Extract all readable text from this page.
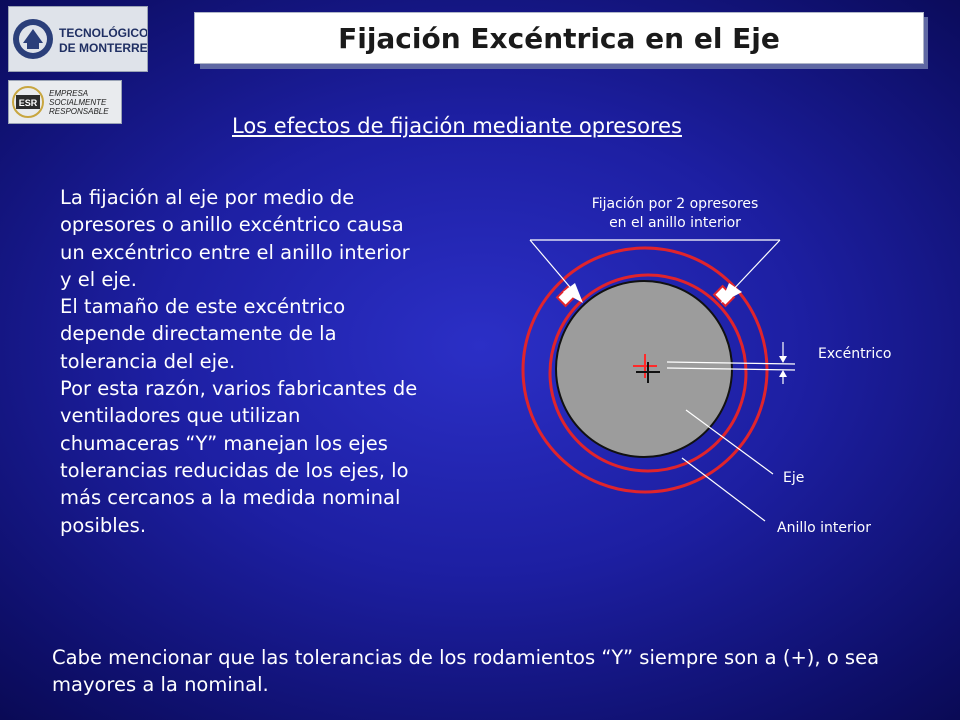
TECNOLÓGICO
DE MONTERREY
ESR
EMPRESA
SOCIALMENTE
RESPONSABLE
Fijación Excéntrica en el Eje
Los efectos de fijación mediante opresores

La fijación al eje por medio de opresores o anillo excéntrico causa un excéntrico entre el anillo interior y el eje.

El tamaño de este excéntrico depende directamente de la tolerancia del eje.

Por esta razón, varios fabricantes de ventiladores que utilizan chumaceras “Y” manejan los ejes tolerancias reducidas de los ejes, lo más cercanos a la medida nominal posibles.

Fijación por 2 opresores
en el anillo interior
Excéntrico
Eje
Anillo interior
Cabe mencionar que las tolerancias de los rodamientos “Y” siempre son a (+), o sea mayores a la nominal.
